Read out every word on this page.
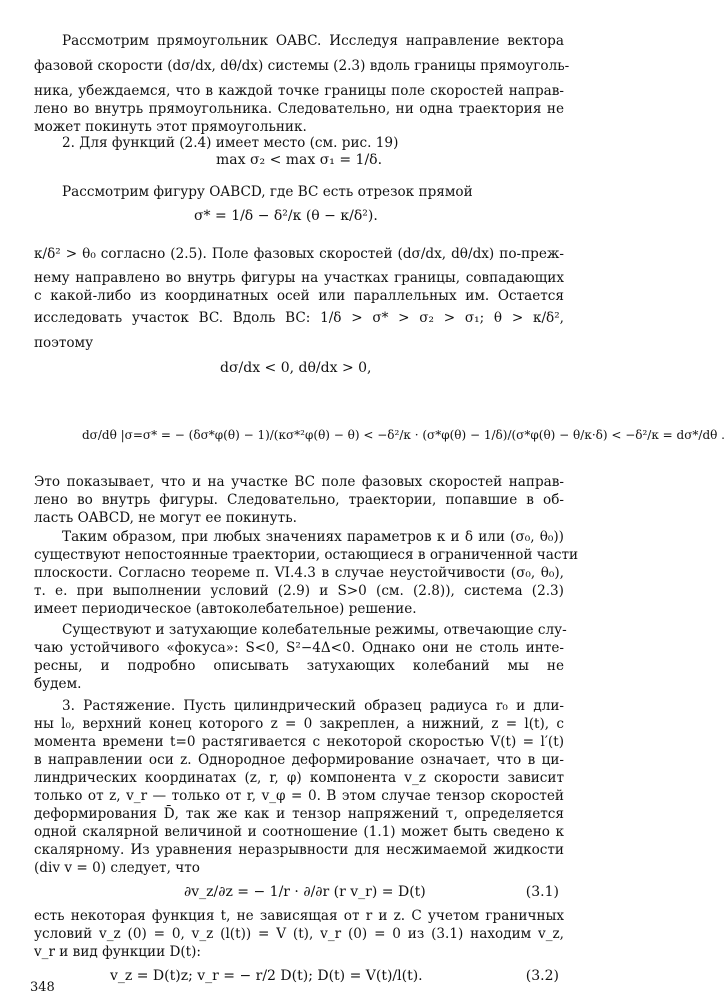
Рассмотрим прямоугольник OABC. Исследуя направление вектора
фазовой скорости (dσ/dx, dθ/dx) системы (2.3) вдоль границы прямоуголь-
ника, убеждаемся, что в каждой точке границы поле скоростей направ-
лено во внутрь прямоугольника. Следовательно, ни одна траектория не
может покинуть этот прямоугольник.
2. Для функций (2.4) имеет место (см. рис. 19)
max σ₂ < max σ₁ = 1/δ.
Рассмотрим фигуру OABCD, где BC есть отрезок прямой
σ* = 1/δ − δ²/κ (θ − κ/δ²).
κ/δ² > θ₀ согласно (2.5). Поле фазовых скоростей (dσ/dx, dθ/dx) по-преж-
нему направлено во внутрь фигуры на участках границы, совпадающих
с какой-либо из координатных осей или параллельных им. Остается
исследовать участок BC. Вдоль BC: 1/δ > σ* > σ₂ > σ₁; θ > κ/δ²,
поэтому
dσ/dx < 0, dθ/dx > 0,
dσ/dθ |σ=σ* = − (δσ*φ(θ) − 1)/(κσ*²φ(θ) − θ) < −δ²/κ · (σ*φ(θ) − 1/δ)/(σ*φ(θ) − θ/κ·δ) < −δ²/κ = dσ*/dθ .
Это показывает, что и на участке BC поле фазовых скоростей направ-
лено во внутрь фигуры. Следовательно, траектории, попавшие в об-
ласть OABCD, не могут ее покинуть.
Таким образом, при любых значениях параметров κ и δ или (σ₀, θ₀))
существуют непостоянные траектории, остающиеся в ограниченной части
плоскости. Согласно теореме п. VI.4.3 в случае неустойчивости (σ₀, θ₀),
т. е. при выполнении условий (2.9) и S>0 (см. (2.8)), система (2.3)
имеет периодическое (автоколебательное) решение.
Существуют и затухающие колебательные режимы, отвечающие слу-
чаю устойчивого «фокуса»: S<0, S²−4Δ<0. Однако они не столь инте-
ресны, и подробно описывать затухающих колебаний мы не
будем.
3. Растяжение. Пусть цилиндрический образец радиуса r₀ и дли-
ны l₀, верхний конец которого z = 0 закреплен, а нижний, z = l(t), с
момента времени t=0 растягивается с некоторой скоростью V(t) = l′(t)
в направлении оси z. Однородное деформирование означает, что в ци-
линдрических координатах (z, r, φ) компонента v_z скорости зависит
только от z, v_r — только от r, v_φ = 0. В этом случае тензор скоростей
деформирования D̄, так же как и тензор напряжений τ, определяется
одной скалярной величиной и соотношение (1.1) может быть сведено к
скалярному. Из уравнения неразрывности для несжимаемой жидкости
(div v = 0) следует, что
∂v_z/∂z = − 1/r · ∂/∂r (r v_r) = D(t)	(3.1)
есть некоторая функция t, не зависящая от r и z. С учетом граничных
условий v_z (0) = 0, v_z (l(t)) = V (t), v_r (0) = 0 из (3.1) находим v_z,
v_r и вид функции D(t):
v_z = D(t)z; v_r = − r/2 D(t); D(t) = V(t)/l(t).	(3.2)
348
